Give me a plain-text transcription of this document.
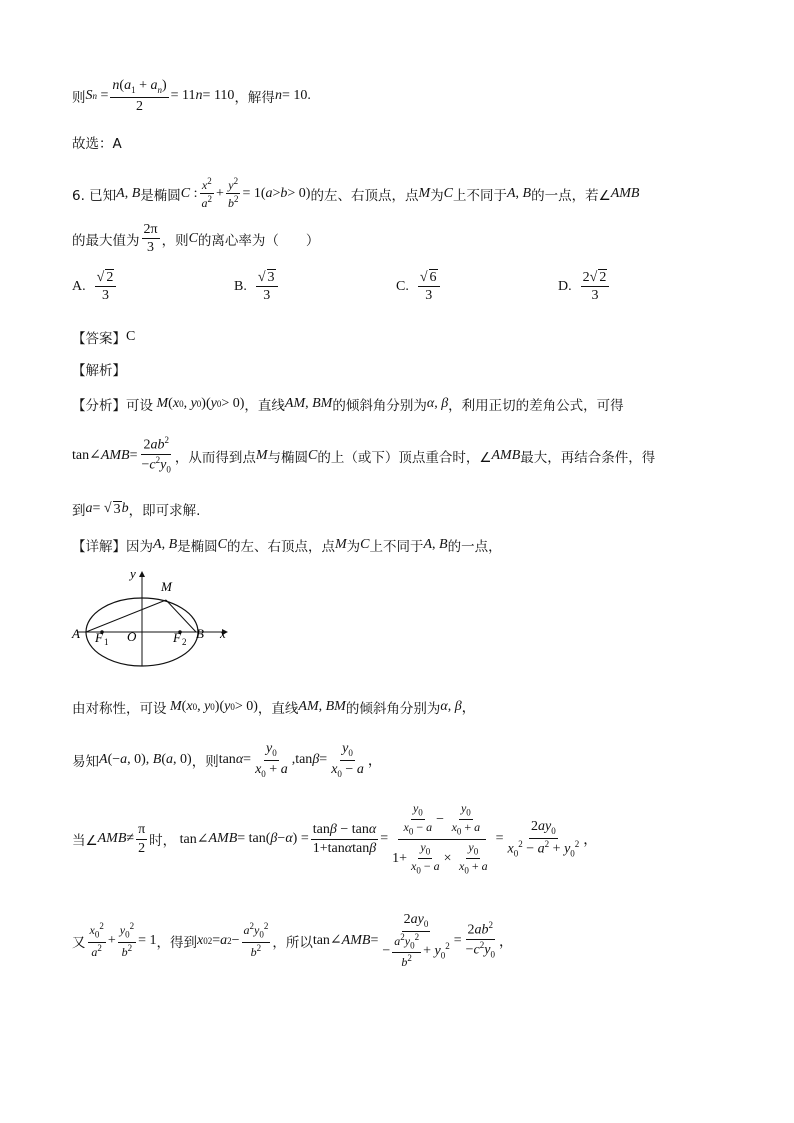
则 S $n = \frac{n(a_1 + a_n)}{2} = 11$ n = 110 ，解得 n = 10.
故选：A
6. 已知 A , B 是椭圆 C : $\frac{x^2}{a^2} + \frac{y^2}{b^2} = 1$( a > b > 0) 的左、右顶点，点 M 为 C 上不同于 A , B 的一点，若∠ AMB
的最大值为 $\frac{2\pi}{3}$ ，则 C 的离心率为（　　）
A.
$\frac{√ 2}{3}$	B.
$\frac{√ 3}{3}$	C.
$\frac{√ 6}{3}$	D.
$\frac{2√ 2}{3}$
【答案】 C
【解析】
【分析】 可设
M ( x 0 , y 0 )( y 0 > 0) ，直线 AM , BM 的倾斜角分别为 α , β ，利用正切的差角公式，可得
tan∠ AMB = $\frac{2ab^2}{-c^2y_0}$ ，从而得到点 M 与椭圆 C 的上（或下）顶点重合时，∠ AMB 最大，再结合条件，得
到 a = √ 3 b ，即可求解.
【详解】 因为 A , B 是椭圆 C 的左、右顶点，点 M 为 C 上不同于 A , B 的一点，
y
M
A F 1 O	F 2
B x
由对称性，可设
M ( x 0 , y 0 )( y 0 > 0) ，直线 AM , BM 的倾斜角分别为 α , β ，
易知 A (− a , 0), B ( a , 0) ，则 $\tan \alpha = \frac{y_0}{x_0 + a} ,\tan$ $\beta = \frac{y_0}{x_0 - a}$ ，
当∠ AMB ≠ $\frac{\pi}{2}$ 时， tan∠ AMB = tan( β − α ) = $\frac{\tan\beta - \tan\alpha}{1+\tan\alpha\tan\beta} = \frac{\frac{y_0}{x_0 - a} - \frac{y_0}{x_0 + a}}{1+ \frac{y_0}{x_0 - a} \times \frac{y_0}{x_0 + a}} = \frac{2ay_0}{x_0^2 - a^2 + y_0^2}$ ，
又 $\frac{x_0^2}{a^2} + \frac{y_0^2}{b^2} = 1$ ，得到 x 0 2 = a $2 - \frac{a^2y_0^2}{b^2}$ ，所以 tan∠ AMB = $\frac{2ay_0}{- \frac{a^2y_0^2}{b^2} + y_0^2} = \frac{2ab^2}{-c^2y_0}$ ，
